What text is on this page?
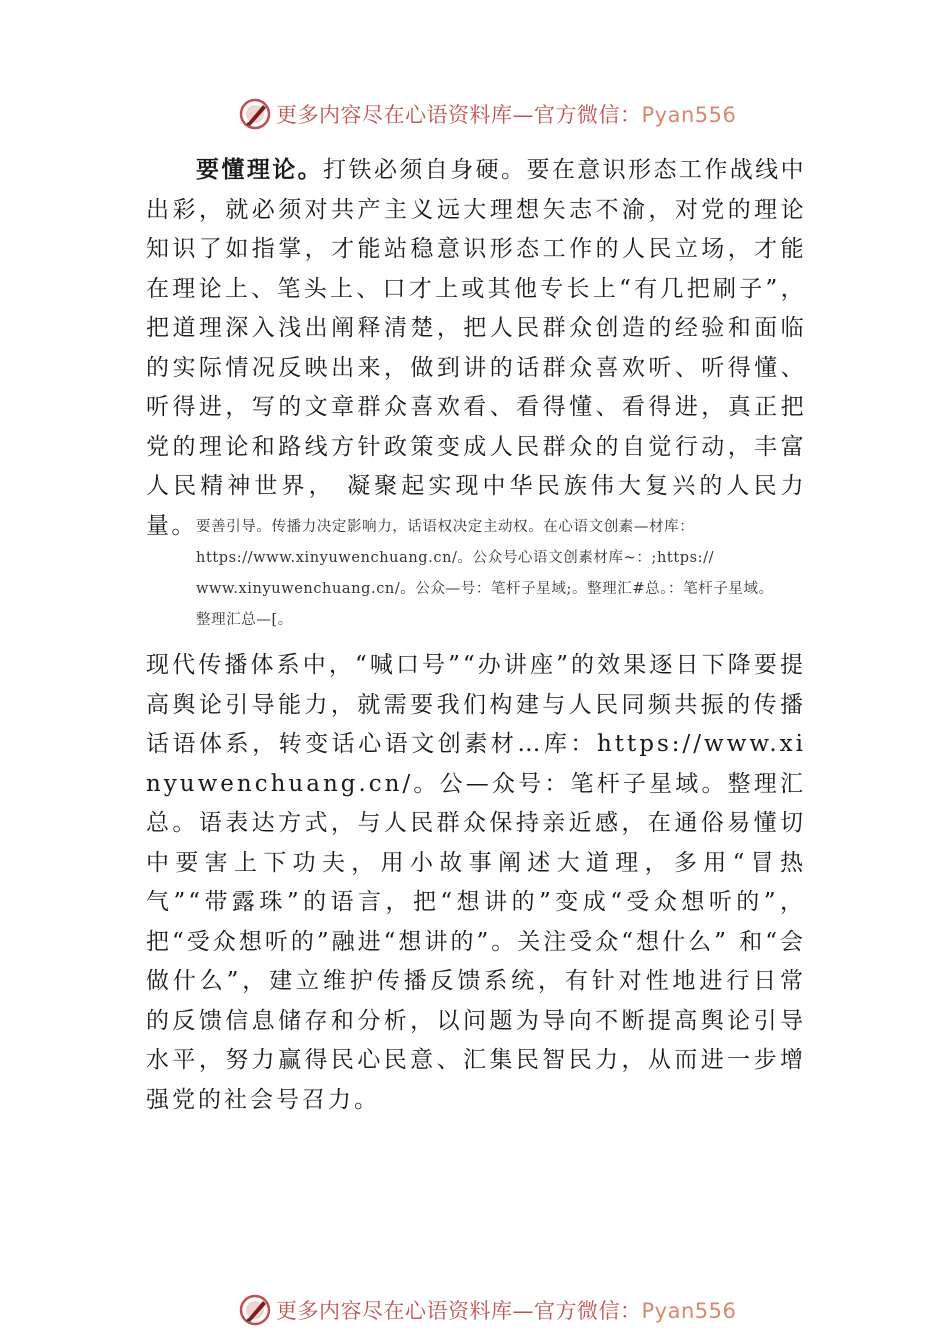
更多内容尽在心语资料库—官方微信：Pyan556
要懂理论。打铁必须自身硬。要在意识形态工作战线中出彩，就必须对共产主义远大理想矢志不渝，对党的理论知识了如指掌，才能站稳意识形态工作的人民立场，才能在理论上、笔头上、口才上或其他专长上“有几把刷子”，把道理深入浅出阐释清楚，把人民群众创造的经验和面临的实际情况反映出来，做到讲的话群众喜欢听、听得懂、听得进，写的文章群众喜欢看、看得懂、看得进，真正把党的理论和路线方针政策变成人民群众的自觉行动，丰富人民精神世界， 凝聚起实现中华民族伟大复兴的人民力量。 要善引导。传播力决定影响力，话语权决定主动权。在心语文创素—材库：
https://www.xinyuwenchuang.cn/。公众号心语文创素材库~：;https://
www.xinyuwenchuang.cn/。公众—号：笔杆子星域;。整理汇#总。：笔杆子星域。
整理汇总—[。
现代传播体系中，“喊口号”“办讲座”的效果逐日下降要提高舆论引导能力，就需要我们构建与人民同频共振的传播话语体系，转变话心语文创素材…库：https://www.xinyuwenchuang.cn/。公—众号：笔杆子星域。整理汇总。语表达方式，与人民群众保持亲近感，在通俗易懂切中要害上下功夫，用小故事阐述大道理，多用“冒热气”“带露珠”的语言，把“想讲的”变成“受众想听的”，把“受众想听的”融进“想讲的”。关注受众“想什么” 和“会做什么”，建立维护传播反馈系统，有针对性地进行日常的反馈信息储存和分析，以问题为导向不断提高舆论引导水平，努力赢得民心民意、汇集民智民力，从而进一步增强党的社会号召力。
更多内容尽在心语资料库—官方微信：Pyan556
